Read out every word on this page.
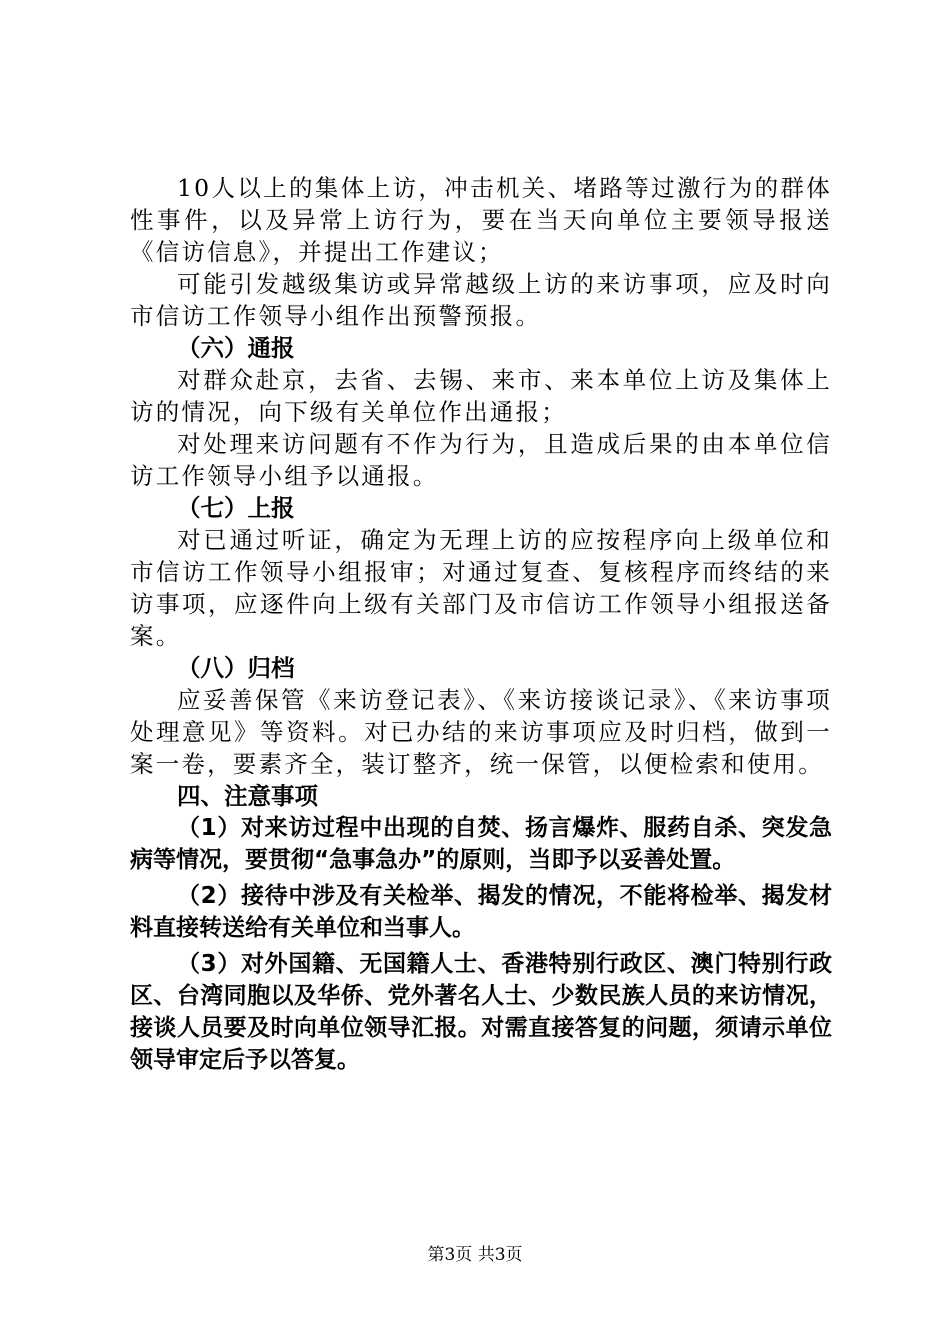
10人以上的集体上访，冲击机关、堵路等过激行为的群体性事件，以及异常上访行为，要在当天向单位主要领导报送《信访信息》，并提出工作建议；

可能引发越级集访或异常越级上访的来访事项，应及时向市信访工作领导小组作出预警预报。

（六）通报

对群众赴京，去省、去锡、来市、来本单位上访及集体上访的情况，向下级有关单位作出通报；

对处理来访问题有不作为行为，且造成后果的由本单位信访工作领导小组予以通报。

（七）上报

对已通过听证，确定为无理上访的应按程序向上级单位和市信访工作领导小组报审；对通过复查、复核程序而终结的来访事项，应逐件向上级有关部门及市信访工作领导小组报送备案。

（八）归档

应妥善保管《来访登记表》、《来访接谈记录》、《来访事项处理意见》等资料。对已办结的来访事项应及时归档，做到一案一卷，要素齐全，装订整齐，统一保管，以便检索和使用。

四、注意事项

（1）对来访过程中出现的自焚、扬言爆炸、服药自杀、突发急病等情况，要贯彻“急事急办”的原则，当即予以妥善处置。

（2）接待中涉及有关检举、揭发的情况，不能将检举、揭发材料直接转送给有关单位和当事人。

（3）对外国籍、无国籍人士、香港特别行政区、澳门特别行政区、台湾同胞以及华侨、党外著名人士、少数民族人员的来访情况，接谈人员要及时向单位领导汇报。对需直接答复的问题，须请示单位领导审定后予以答复。

第3页 共3页
